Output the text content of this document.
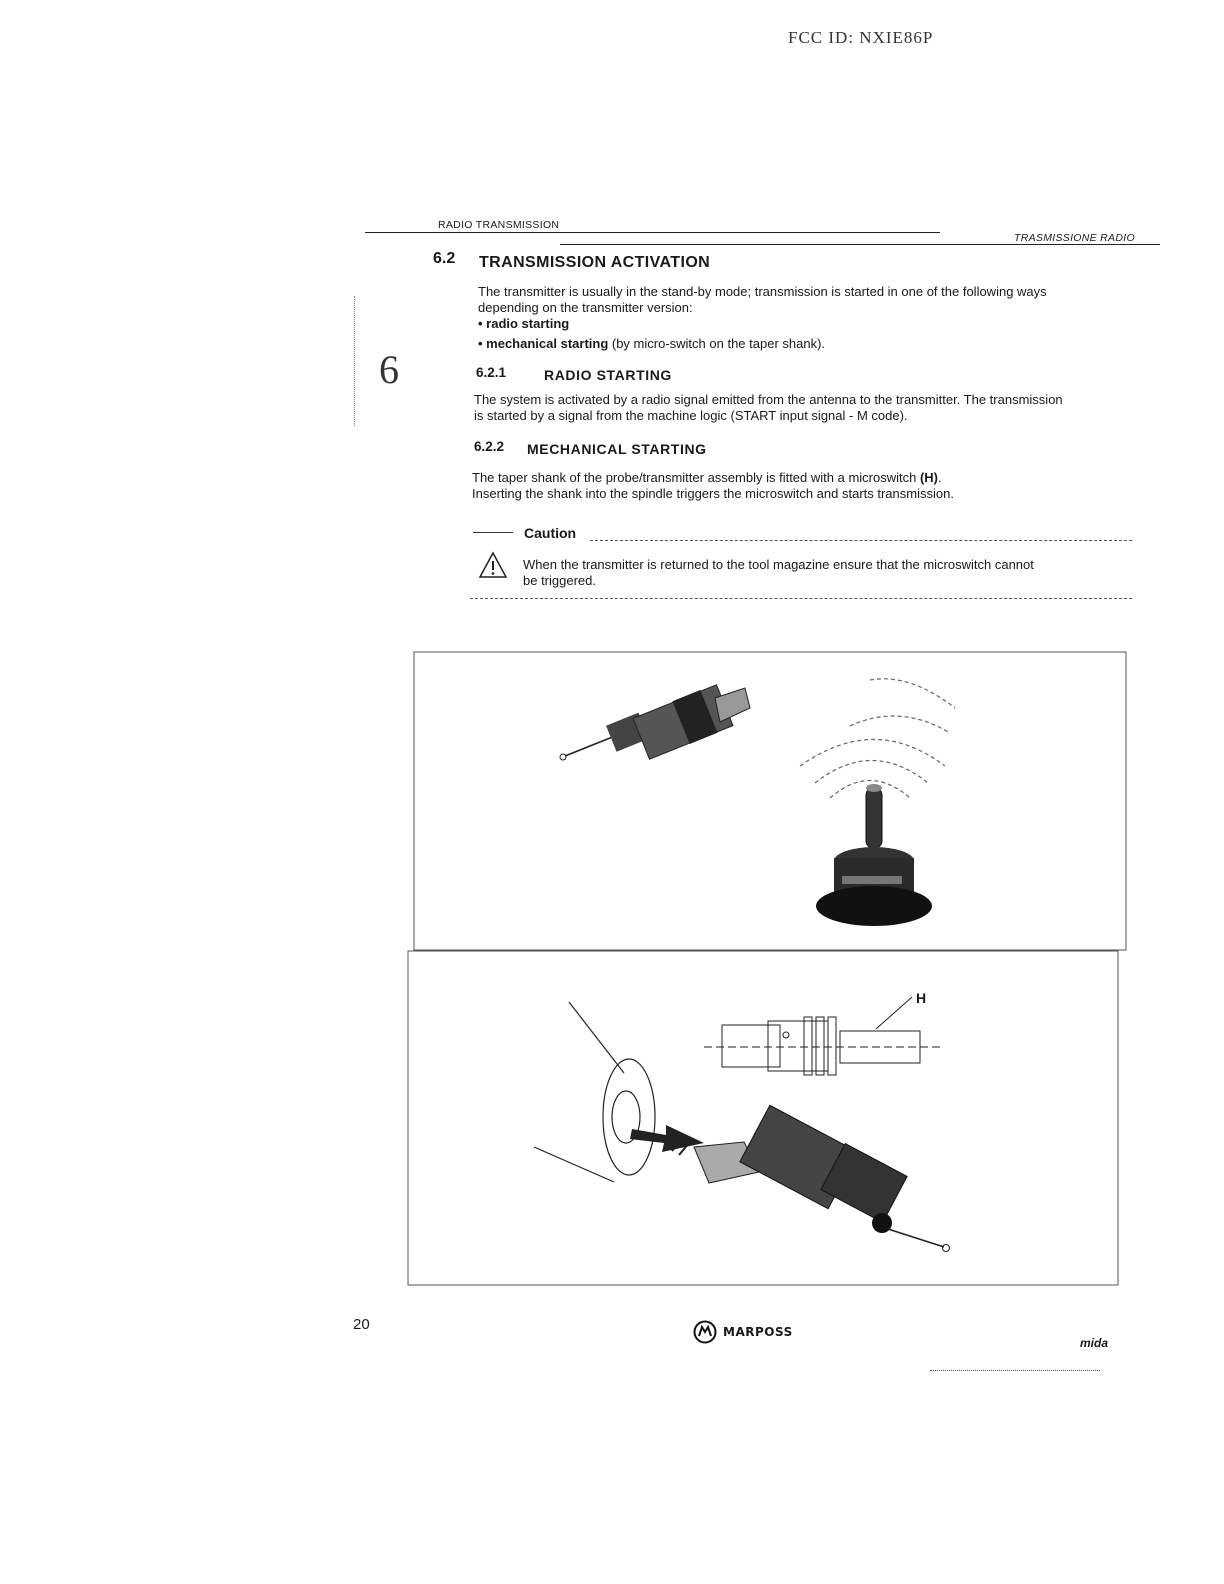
FCC ID: NXIE86P
RADIO TRANSMISSION
TRASMISSIONE RADIO
6
6.2 TRANSMISSION ACTIVATION
The transmitter is usually in the stand-by mode; transmission is started in one of the following ways
depending on the transmitter version:
• radio starting
• mechanical starting (by micro-switch on the taper shank).
6.2.1	RADIO STARTING
The system is activated by a radio signal emitted from the antenna to the transmitter. The transmission
is started by a signal from the machine logic (START input signal - M code).
6.2.2 MECHANICAL STARTING
The taper shank of the probe/transmitter assembly is fitted with a microswitch (H).
Inserting the shank into the spindle triggers the microswitch and starts transmission.
Caution
When the transmitter is returned to the tool magazine ensure that the microswitch cannot
be triggered.
H
20	MARPOSS
mida
